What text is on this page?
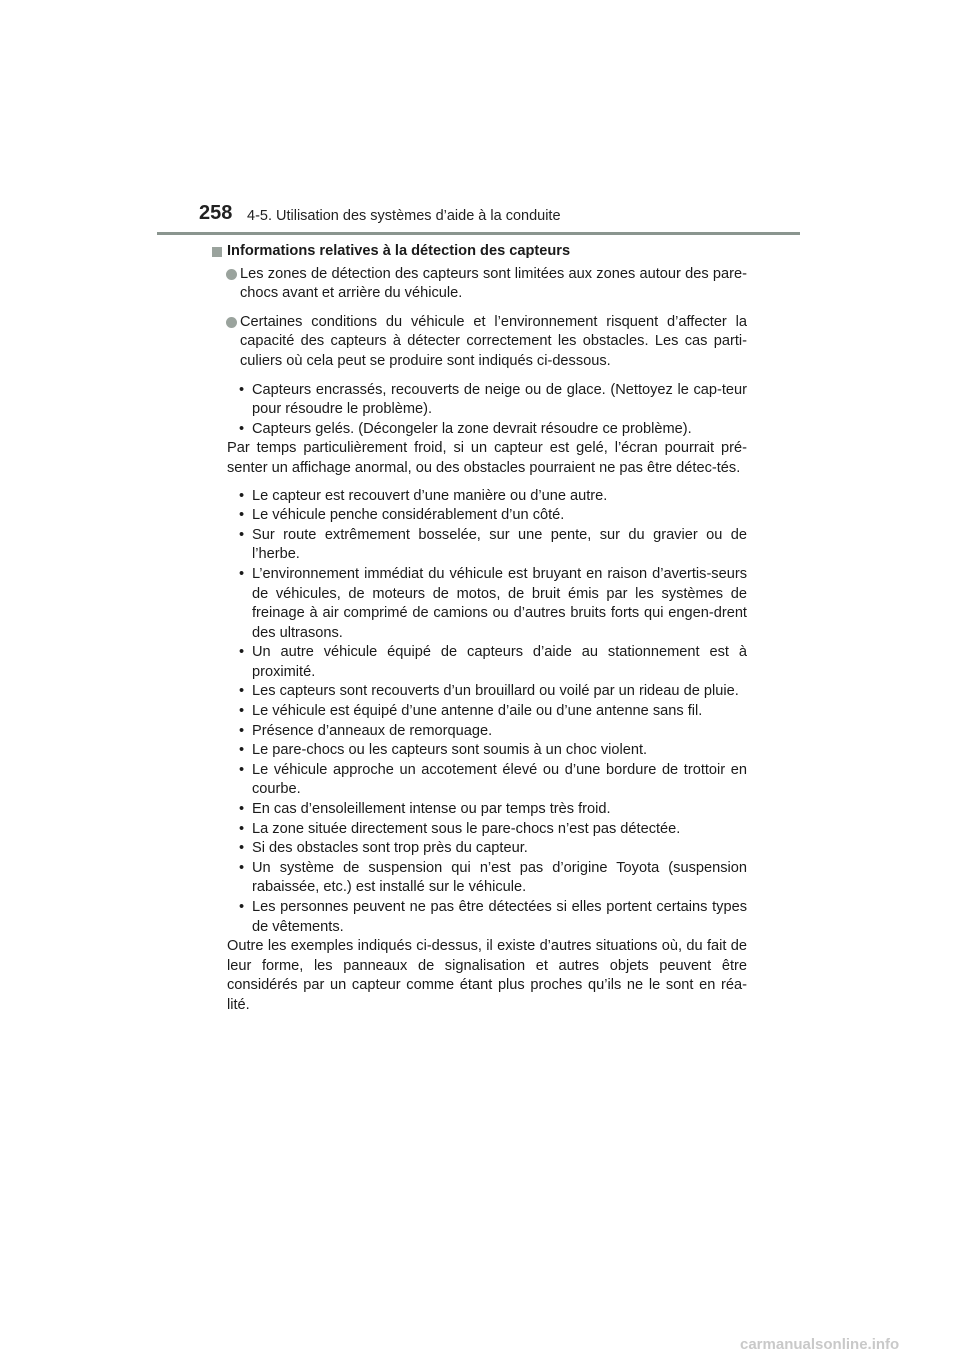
258 4-5. Utilisation des systèmes d’aide à la conduite
Informations relatives à la détection des capteurs
Les zones de détection des capteurs sont limitées aux zones autour des pare-chocs avant et arrière du véhicule.
Certaines conditions du véhicule et l’environnement risquent d’affecter la capacité des capteurs à détecter correctement les obstacles. Les cas parti-culiers où cela peut se produire sont indiqués ci-dessous.
• Capteurs encrassés, recouverts de neige ou de glace. (Nettoyez le cap-teur pour résoudre le problème).
• Capteurs gelés. (Décongeler la zone devrait résoudre ce problème).

Par temps particulièrement froid, si un capteur est gelé, l’écran pourrait pré-senter un affichage anormal, ou des obstacles pourraient ne pas être détec-tés.

• Le capteur est recouvert d’une manière ou d’une autre.
• Le véhicule penche considérablement d’un côté.
• Sur route extrêmement bosselée, sur une pente, sur du gravier ou de l’herbe.
• L’environnement immédiat du véhicule est bruyant en raison d’avertis-seurs de véhicules, de moteurs de motos, de bruit émis par les systèmes de freinage à air comprimé de camions ou d’autres bruits forts qui engen-drent des ultrasons.
• Un autre véhicule équipé de capteurs d’aide au stationnement est à proximité.
• Les capteurs sont recouverts d’un brouillard ou voilé par un rideau de pluie.
• Le véhicule est équipé d’une antenne d’aile ou d’une antenne sans fil.
• Présence d’anneaux de remorquage.
• Le pare-chocs ou les capteurs sont soumis à un choc violent.
• Le véhicule approche un accotement élevé ou d’une bordure de trottoir en courbe.
• En cas d’ensoleillement intense ou par temps très froid.
• La zone située directement sous le pare-chocs n’est pas détectée.
• Si des obstacles sont trop près du capteur.
• Un système de suspension qui n’est pas d’origine Toyota (suspension rabaissée, etc.) est installé sur le véhicule.
• Les personnes peuvent ne pas être détectées si elles portent certains types de vêtements.

Outre les exemples indiqués ci-dessus, il existe d’autres situations où, du fait de leur forme, les panneaux de signalisation et autres objets peuvent être considérés par un capteur comme étant plus proches qu’ils ne le sont en réa-lité.

carmanualsonline.info
